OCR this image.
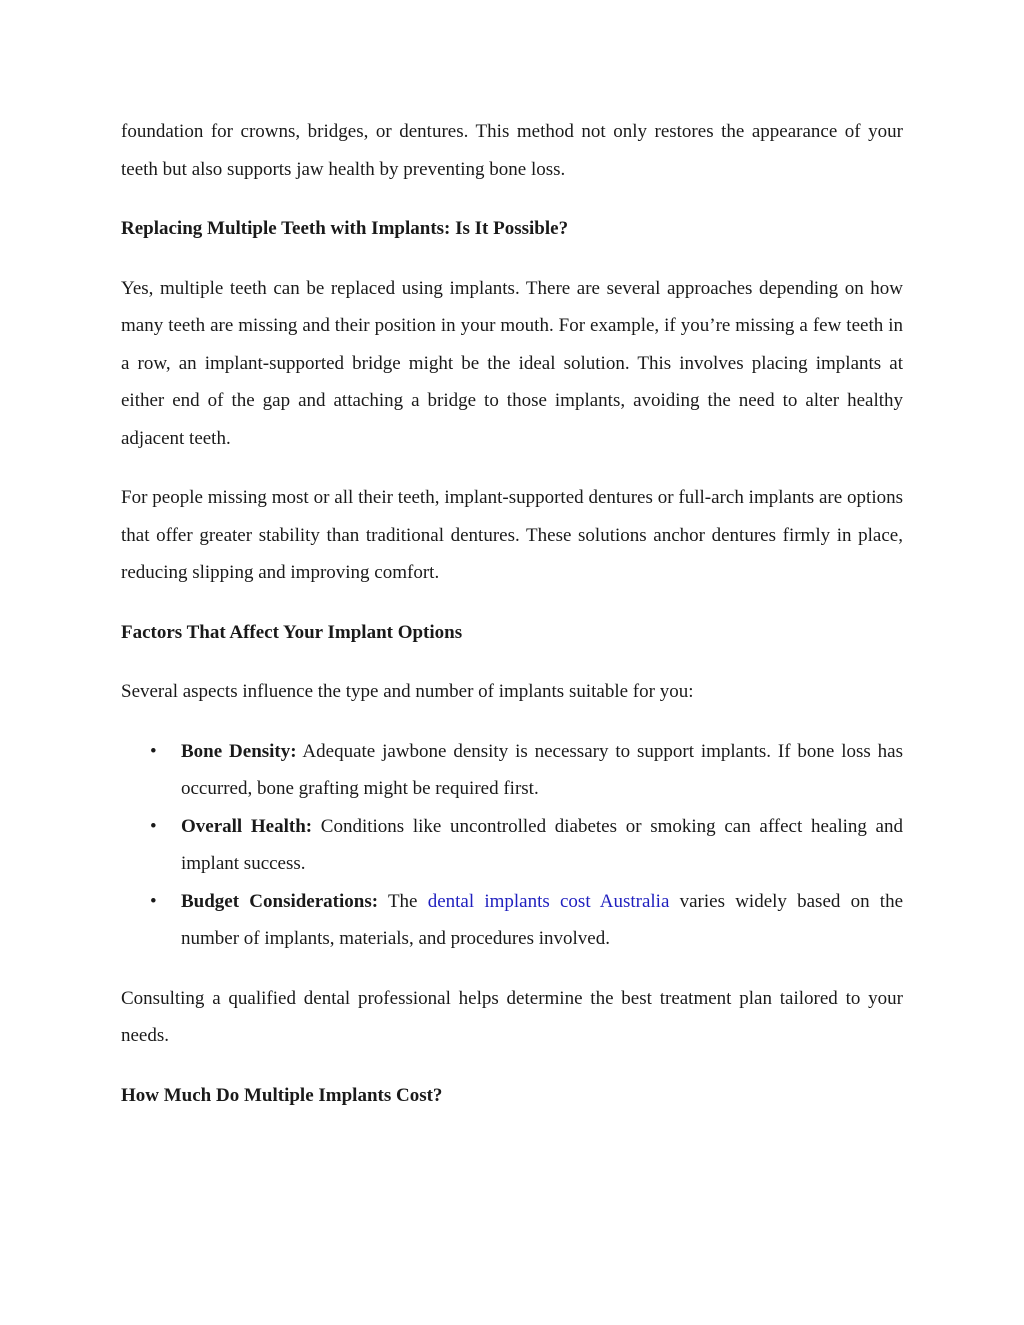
foundation for crowns, bridges, or dentures. This method not only restores the appearance of your teeth but also supports jaw health by preventing bone loss.

Replacing Multiple Teeth with Implants: Is It Possible?

Yes, multiple teeth can be replaced using implants. There are several approaches depending on how many teeth are missing and their position in your mouth. For example, if you’re missing a few teeth in a row, an implant-supported bridge might be the ideal solution. This involves placing implants at either end of the gap and attaching a bridge to those implants, avoiding the need to alter healthy adjacent teeth.

For people missing most or all their teeth, implant-supported dentures or full-arch implants are options that offer greater stability than traditional dentures. These solutions anchor dentures firmly in place, reducing slipping and improving comfort.

Factors That Affect Your Implant Options

Several aspects influence the type and number of implants suitable for you:

• Bone Density: Adequate jawbone density is necessary to support implants. If bone loss has occurred, bone grafting might be required first.
• Overall Health: Conditions like uncontrolled diabetes or smoking can affect healing and implant success.
• Budget Considerations: The dental implants cost Australia varies widely based on the number of implants, materials, and procedures involved.

Consulting a qualified dental professional helps determine the best treatment plan tailored to your needs.

How Much Do Multiple Implants Cost?
